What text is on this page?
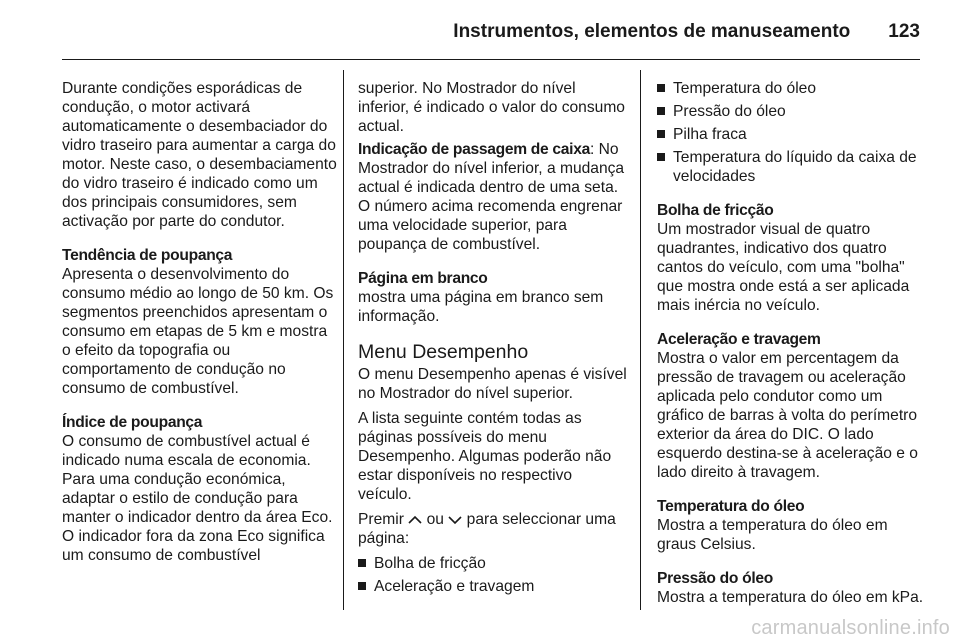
Instrumentos, elementos de manuseamento 123

Durante condições esporádicas de condução, o motor activará automaticamente o desembaciador do vidro traseiro para aumentar a carga do motor. Neste caso, o desembaciamento do vidro traseiro é indicado como um dos principais consumidores, sem activação por parte do condutor.

Tendência de poupança
Apresenta o desenvolvimento do consumo médio ao longo de 50 km. Os segmentos preenchidos apresentam o consumo em etapas de 5 km e mostra o efeito da topografia ou comportamento de condução no consumo de combustível.

Índice de poupança
O consumo de combustível actual é indicado numa escala de economia. Para uma condução económica, adaptar o estilo de condução para manter o indicador dentro da área Eco. O indicador fora da zona Eco significa um consumo de combustível

superior. No Mostrador do nível inferior, é indicado o valor do consumo actual.

Indicação de passagem de caixa: No Mostrador do nível inferior, a mudança actual é indicada dentro de uma seta. O número acima recomenda engrenar uma velocidade superior, para poupança de combustível.

Página em branco
mostra uma página em branco sem informação.

Menu Desempenho

O menu Desempenho apenas é visível no Mostrador do nível superior.

A lista seguinte contém todas as páginas possíveis do menu Desempenho. Algumas poderão não estar disponíveis no respectivo veículo.

Premir ou para seleccionar uma página:

Bolha de fricção
Aceleração e travagem
Temperatura do óleo
Pressão do óleo
Pilha fraca
Temperatura do líquido da caixa de velocidades

Bolha de fricção
Um mostrador visual de quatro quadrantes, indicativo dos quatro cantos do veículo, com uma "bolha" que mostra onde está a ser aplicada mais inércia no veículo.

Aceleração e travagem
Mostra o valor em percentagem da pressão de travagem ou aceleração aplicada pelo condutor como um gráfico de barras à volta do perímetro exterior da área do DIC. O lado esquerdo destina-se à aceleração e o lado direito à travagem.

Temperatura do óleo
Mostra a temperatura do óleo em graus Celsius.

Pressão do óleo
Mostra a temperatura do óleo em kPa.

carmanualsonline.info
